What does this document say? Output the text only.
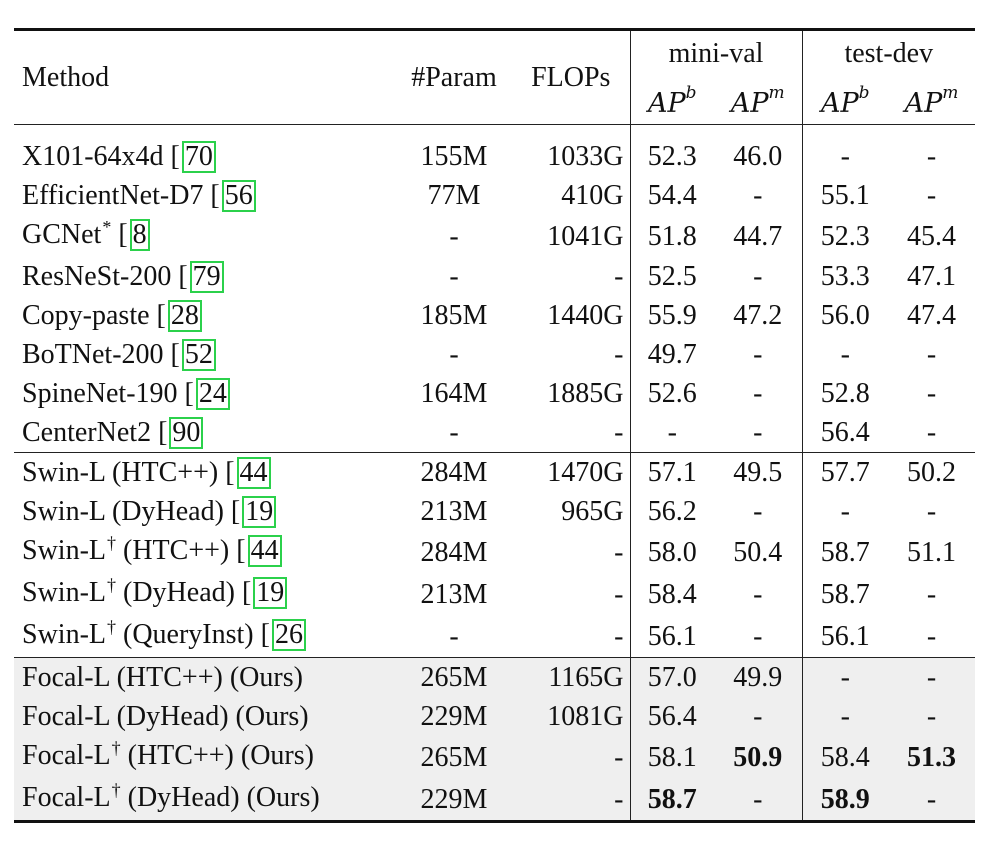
Method	#Param	FLOPs	mini-val		test-dev	
			$AP^b$	$AP^m$	$AP^b$	$AP^m$
X101-64x4d [ 70	155M	1033G	52.3	46.0	-	-
EfficientNet-D7 [ 56	77M	410G	54.4	-	55.1	-
GCNet* [ 8	-	1041G	51.8	44.7	52.3	45.4
ResNeSt-200 [ 79	-	-	52.5	-	53.3	47.1
Copy-paste [ 28	185M	1440G	55.9	47.2	56.0	47.4
BoTNet-200 [ 52	-	-	49.7	-	-	-
SpineNet-190 [ 24	164M	1885G	52.6	-	52.8	-
CenterNet2 [ 90	-	-	-	-	56.4	-
Swin-L (HTC++) [ 44	284M	1470G	57.1	49.5	57.7	50.2
Swin-L (DyHead) [ 19	213M	965G	56.2	-	-	-
Swin-L† (HTC++) [ 44	284M	-	58.0	50.4	58.7	51.1
Swin-L† (DyHead) [ 19	213M	-	58.4	-	58.7	-
Swin-L† (QueryInst) [ 26	-	-	56.1	-	56.1	-
Focal-L (HTC++) (Ours)	265M	1165G	57.0	49.9	-	-
Focal-L (DyHead) (Ours)	229M	1081G	56.4	-	-	-
Focal-L† (HTC++) (Ours)	265M	-	58.1	50.9	58.4	51.3
Focal-L† (DyHead) (Ours)	229M	-	58.7	-	58.9	-
